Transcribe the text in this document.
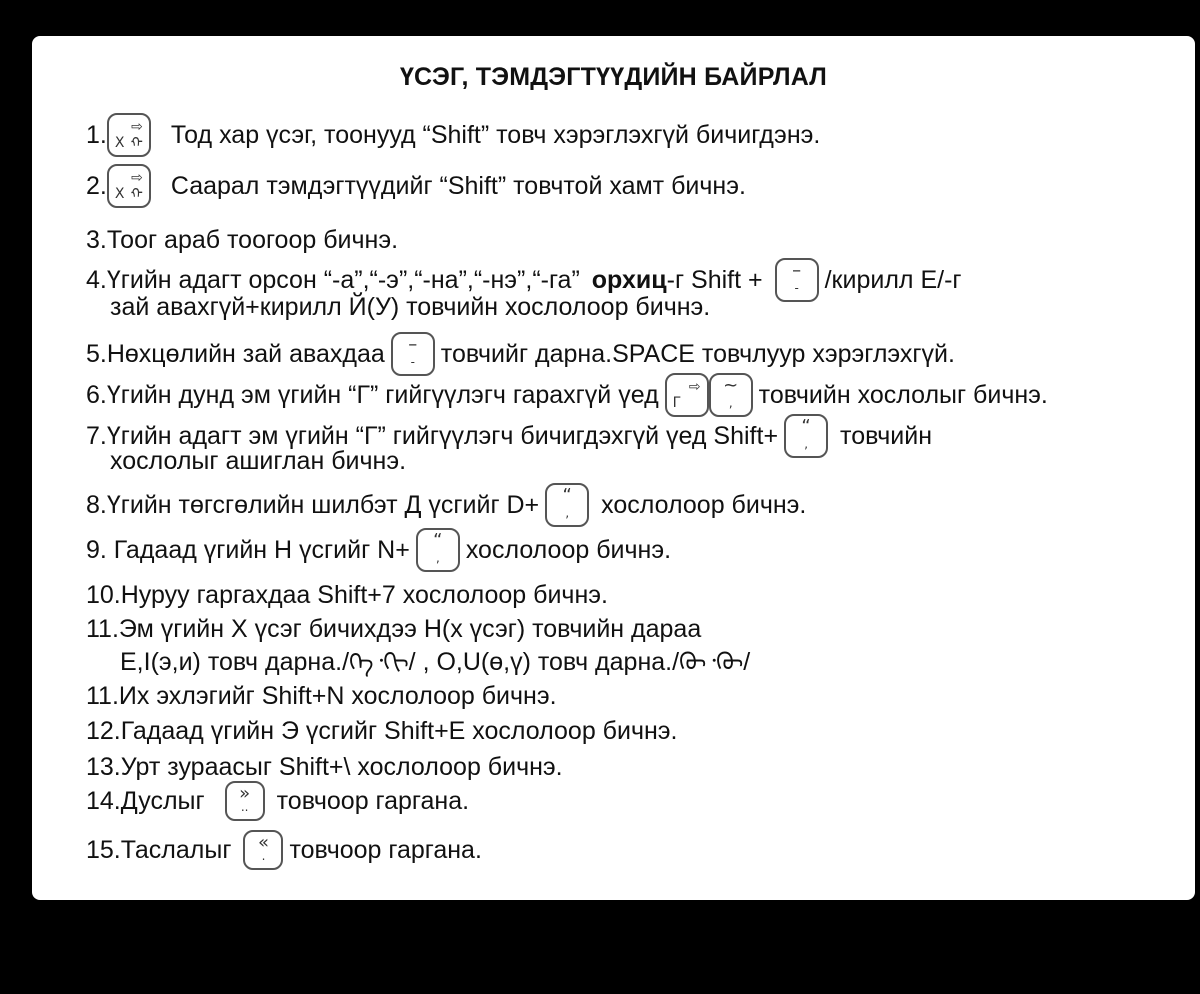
ҮСЭГ, ТЭМДЭГТҮҮДИЙН БАЙРЛАЛ
1. X
⇨
ᠬ Тод хар үсэг, тоонууд “Shift” товч хэрэглэхгүй бичигдэнэ.
2. X
⇨
ᠬ Саарал тэмдэгтүүдийг “Shift” товчтой хамт бичнэ.
3.Тоог араб тоогоор бичнэ.
4.Үгийн адагт орсон “-а”,“-э”,“-на”,“-нэ”,“-га” орхиц -г Shift +	–
-	/кирилл Е/-г
зай авахгүй+кирилл Й(У) товчийн хослолоор бичнэ.
5.Нөхцөлийн зай авахдаа	–
-	товчийг дарна.SPACE товчлуур хэрэглэхгүй.
6.Үгийн дунд эм үгийн “Г” гийгүүлэгч гарахгүй үед Г
⇨	~
‚	товчийн хослолыг бичнэ.
7.Үгийн адагт эм үгийн “Г” гийгүүлэгч бичигдэхгүй үед Shift+	“
‚	товчийн
хослолыг ашиглан бичнэ.
8.Үгийн төгсгөлийн шилбэт Д үсгийг D+	“
‚	хослолоор бичнэ.
9. Гадаад үгийн Н үсгийг N+	“
‚	хослолоор бичнэ.
10.Нуруу гаргахдаа Shift+7 хослолоор бичнэ.
11.Эм үгийн Х үсэг бичихдээ Н(х үсэг) товчийн дараа
E,I(э,и) товч дарна./ ᠬᠡ᠂ᠬᠢ / , O,U(ө,ү) товч дарна./ ᠬᠥ᠂ᠬᠦ /
11.Их эхлэгийг Shift+N хослолоор бичнэ.
12.Гадаад үгийн Э үсгийг Shift+E хослолоор бичнэ.
13.Урт зураасыг Shift+\ хослолоор бичнэ.
14.Дуслыг	»
..	товчоор гаргана.
15.Таслалыг	«
. товчоор гаргана.
